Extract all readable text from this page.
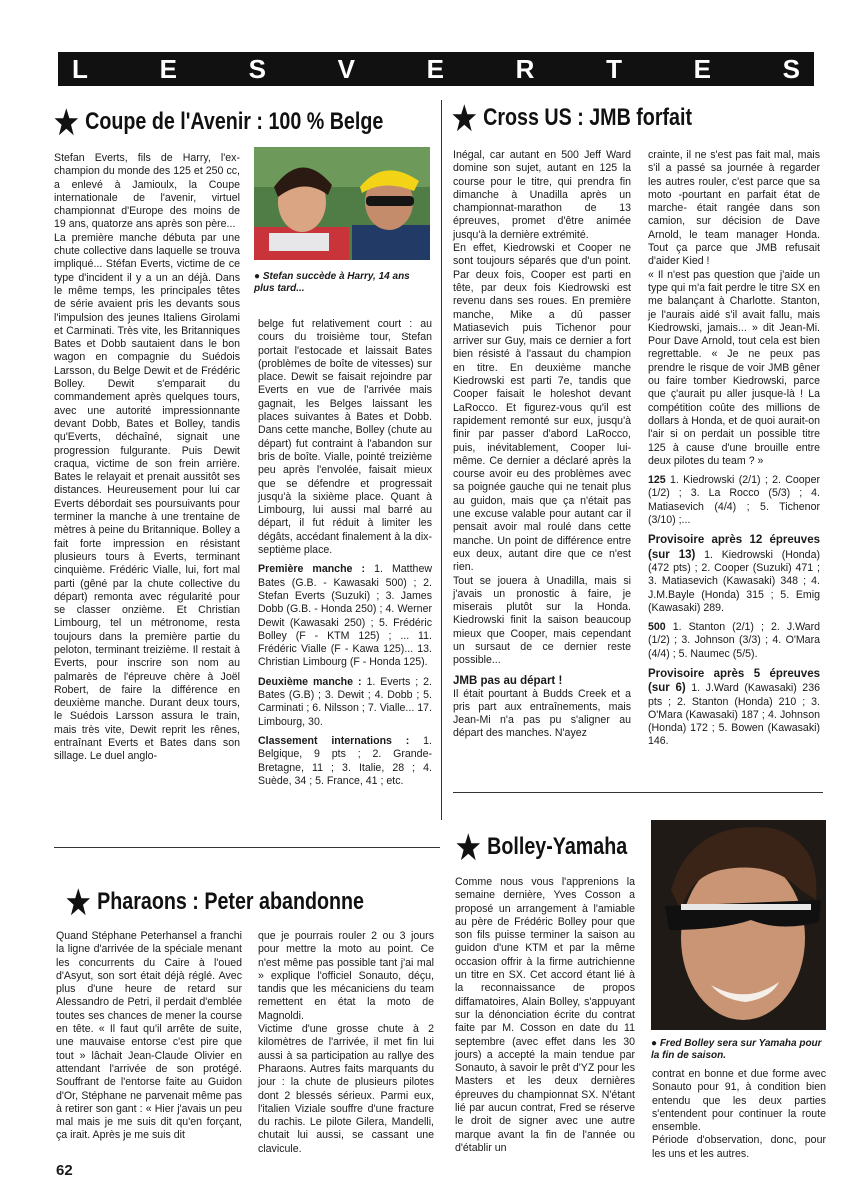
L	E	S	V	E	R	T	E	S
Coupe de l'Avenir : 100 % Belge

Stefan Everts, fils de Harry, l'ex-champion du monde des 125 et 250 cc, a enlevé à Jamioulx, la Coupe internationale de l'avenir, virtuel championnat d'Europe des moins de 19 ans, quatorze ans après son père...

La première manche débuta par une chute collective dans laquelle se trouva impliqué... Stéfan Everts, victime de ce type d'incident il y a un an déjà. Dans le même temps, les principales têtes de série avaient pris les devants sous l'impulsion des jeunes Italiens Girolami et Carminati. Très vite, les Britanniques Bates et Dobb sautaient dans le bon wagon en compagnie du Suédois Larsson, du Belge Dewit et de Frédéric Bolley. Dewit s'emparait du commandement après quelques tours, avec une autorité impressionnante devant Dobb, Bates et Bolley, tandis qu'Everts, déchaîné, signait une progression fulgurante. Puis Dewit craqua, victime de son frein arrière. Bates le relayait et prenait aussitôt ses distances. Heureusement pour lui car Everts débordait ses poursuivants pour terminer la manche à une trentaine de mètres à peine du Britannique. Bolley a fait forte impression en résistant plusieurs tours à Everts, terminant cinquième. Frédéric Vialle, lui, fort mal parti (gêné par la chute collective du départ) remonta avec régularité pour se classer onzième. Et Christian Limbourg, tel un métronome, resta toujours dans la première partie du peloton, terminant treizième. Il restait à Everts, pour inscrire son nom au palmarès de l'épreuve chère à Joël Robert, de faire la différence en deuxième manche. Durant deux tours, le Suédois Larsson assura le train, mais très vite, Dewit reprit les rênes, entraînant Everts et Bates dans son sillage. Le duel anglo-

● Stefan succède à Harry, 14 ans plus tard...

belge fut relativement court : au cours du troisième tour, Stefan portait l'estocade et laissait Bates (problèmes de boîte de vitesses) sur place. Dewit se faisait rejoindre par Everts en vue de l'arrivée mais gagnait, les Belges laissant les places suivantes à Bates et Dobb. Dans cette manche, Bolley (chute au départ) fut contraint à l'abandon sur bris de boîte. Vialle, pointé treizième peu après l'envolée, faisait mieux que se défendre et progressait jusqu'à la sixième place. Quant à Limbourg, lui aussi mal barré au départ, il fut réduit à limiter les dégâts, accédant finalement à la dix-septième place.

Première manche : 1. Matthew Bates (G.B. - Kawasaki 500) ; 2. Stefan Everts (Suzuki) ; 3. James Dobb (G.B. - Honda 250) ; 4. Werner Dewit (Kawasaki 250) ; 5. Frédéric Bolley (F - KTM 125) ; ... 11. Frédéric Vialle (F - Kawa 125)... 13. Christian Limbourg (F - Honda 125).

Deuxième manche : 1. Everts ; 2. Bates (G.B) ; 3. Dewit ; 4. Dobb ; 5. Carminati ; 6. Nilsson ; 7. Vialle... 17. Limbourg, 30.

Classement internations : 1. Belgique, 9 pts ; 2. Grande-Bretagne, 11 ; 3. Italie, 28 ; 4. Suède, 34 ; 5. France, 41 ; etc.

Cross US : JMB forfait

Inégal, car autant en 500 Jeff Ward domine son sujet, autant en 125 la course pour le titre, qui prendra fin dimanche à Unadilla après un championnat-marathon de 13 épreuves, promet d'être animée jusqu'à la dernière extrémité.

En effet, Kiedrowski et Cooper ne sont toujours séparés que d'un point. Par deux fois, Cooper est parti en tête, par deux fois Kiedrowski est revenu dans ses roues. En première manche, Mike a dû passer Matiasevich puis Tichenor pour arriver sur Guy, mais ce dernier a fort bien résisté à l'assaut du champion en titre. En deuxième manche Kiedrowski est parti 7e, tandis que Cooper faisait le holeshot devant LaRocco. Et figurez-vous qu'il est rapidement remonté sur eux, jusqu'à finir par passer d'abord LaRocco, puis, inévitablement, Cooper lui-même. Ce dernier a déclaré après la course avoir eu des problèmes avec sa poignée gauche qui ne tenait plus au guidon, mais que ça n'était pas une excuse valable pour autant car il pensait avoir mal roulé dans cette manche. Un point de différence entre eux deux, autant dire que ce n'est rien.

Tout se jouera à Unadilla, mais si j'avais un pronostic à faire, je miserais plutôt sur la Honda. Kiedrowski finit la saison beaucoup mieux que Cooper, mais cependant un sursaut de ce dernier reste possible...

JMB pas au départ !

Il était pourtant à Budds Creek et a pris part aux entraînements, mais Jean-Mi n'a pas pu s'aligner au départ des manches. N'ayez

crainte, il ne s'est pas fait mal, mais s'il a passé sa journée à regarder les autres rouler, c'est parce que sa moto -pourtant en parfait état de marche- était rangée dans son camion, sur décision de Dave Arnold, le team manager Honda. Tout ça parce que JMB refusait d'aider Kied !

« Il n'est pas question que j'aide un type qui m'a fait perdre le titre SX en me balançant à Charlotte. Stanton, je l'aurais aidé s'il avait fallu, mais Kiedrowski, jamais... » dit Jean-Mi. Pour Dave Arnold, tout cela est bien regrettable. « Je ne peux pas prendre le risque de voir JMB gêner ou faire tomber Kiedrowski, parce que ç'aurait pu aller jusque-là ! La compétition coûte des millions de dollars à Honda, et de quoi aurait-on l'air si on perdait un possible titre 125 à cause d'une brouille entre deux pilotes du team ? »

125 1. Kiedrowski (2/1) ; 2. Cooper (1/2) ; 3. La Rocco (5/3) ; 4. Matiasevich (4/4) ; 5. Tichenor (3/10) ;...

Provisoire après 12 épreuves (sur 13) 1. Kiedrowski (Honda) (472 pts) ; 2. Cooper (Suzuki) 471 ; 3. Matiasevich (Kawasaki) 348 ; 4. J.M.Bayle (Honda) 315 ; 5. Emig (Kawasaki) 289.

500 1. Stanton (2/1) ; 2. J.Ward (1/2) ; 3. Johnson (3/3) ; 4. O'Mara (4/4) ; 5. Naumec (5/5).

Provisoire après 5 épreuves (sur 6) 1. J.Ward (Kawasaki) 236 pts ; 2. Stanton (Honda) 210 ; 3. O'Mara (Kawasaki) 187 ; 4. Johnson (Honda) 172 ; 5. Bowen (Kawasaki) 146.

Pharaons : Peter abandonne

Quand Stéphane Peterhansel a franchi la ligne d'arrivée de la spéciale menant les concurrents du Caire à l'oued d'Asyut, son sort était déjà réglé. Avec plus d'une heure de retard sur Alessandro de Petri, il perdait d'emblée toutes ses chances de mener la course en tête. « Il faut qu'il arrête de suite, une mauvaise entorse c'est pire que tout » lâchait Jean-Claude Olivier en attendant l'arrivée de son protégé. Souffrant de l'entorse faite au Guidon d'Or, Stéphane ne parvenait même pas à retirer son gant : « Hier j'avais un peu mal mais je me suis dit qu'en forçant, ça irait. Après je me suis dit

que je pourrais rouler 2 ou 3 jours pour mettre la moto au point. Ce n'est même pas possible tant j'ai mal » explique l'officiel Sonauto, déçu, tandis que les mécaniciens du team remettent en état la moto de Magnoldi.

Victime d'une grosse chute à 2 kilomètres de l'arrivée, il met fin lui aussi à sa participation au rallye des Pharaons. Autres faits marquants du jour : la chute de plusieurs pilotes dont 2 blessés sérieux. Parmi eux, l'italien Viziale souffre d'une fracture du rachis. Le pilote Gilera, Mandelli, chutait lui aussi, se cassant une clavicule.

62
Bolley-Yamaha

Comme nous vous l'apprenions la semaine dernière, Yves Cosson a proposé un arrangement à l'amiable au père de Frédéric Bolley pour que son fils puisse terminer la saison au guidon d'une KTM et par la même occasion offrir à la firme autrichienne un titre en SX. Cet accord étant lié à la reconnaissance de propos diffamatoires, Alain Bolley, s'appuyant sur la dénonciation écrite du contrat faite par M. Cosson en date du 11 septembre (avec effet dans les 30 jours) a accepté la main tendue par Sonauto, à savoir le prêt d'YZ pour les Masters et les deux dernières épreuves du championnat SX. N'étant lié par aucun contrat, Fred se réserve le droit de signer avec une autre marque avant la fin de l'année ou d'établir un

● Fred Bolley sera sur Yamaha pour la fin de saison.

contrat en bonne et due forme avec Sonauto pour 91, à condition bien entendu que les deux parties s'entendent pour continuer la route ensemble.

Période d'observation, donc, pour les uns et les autres.
